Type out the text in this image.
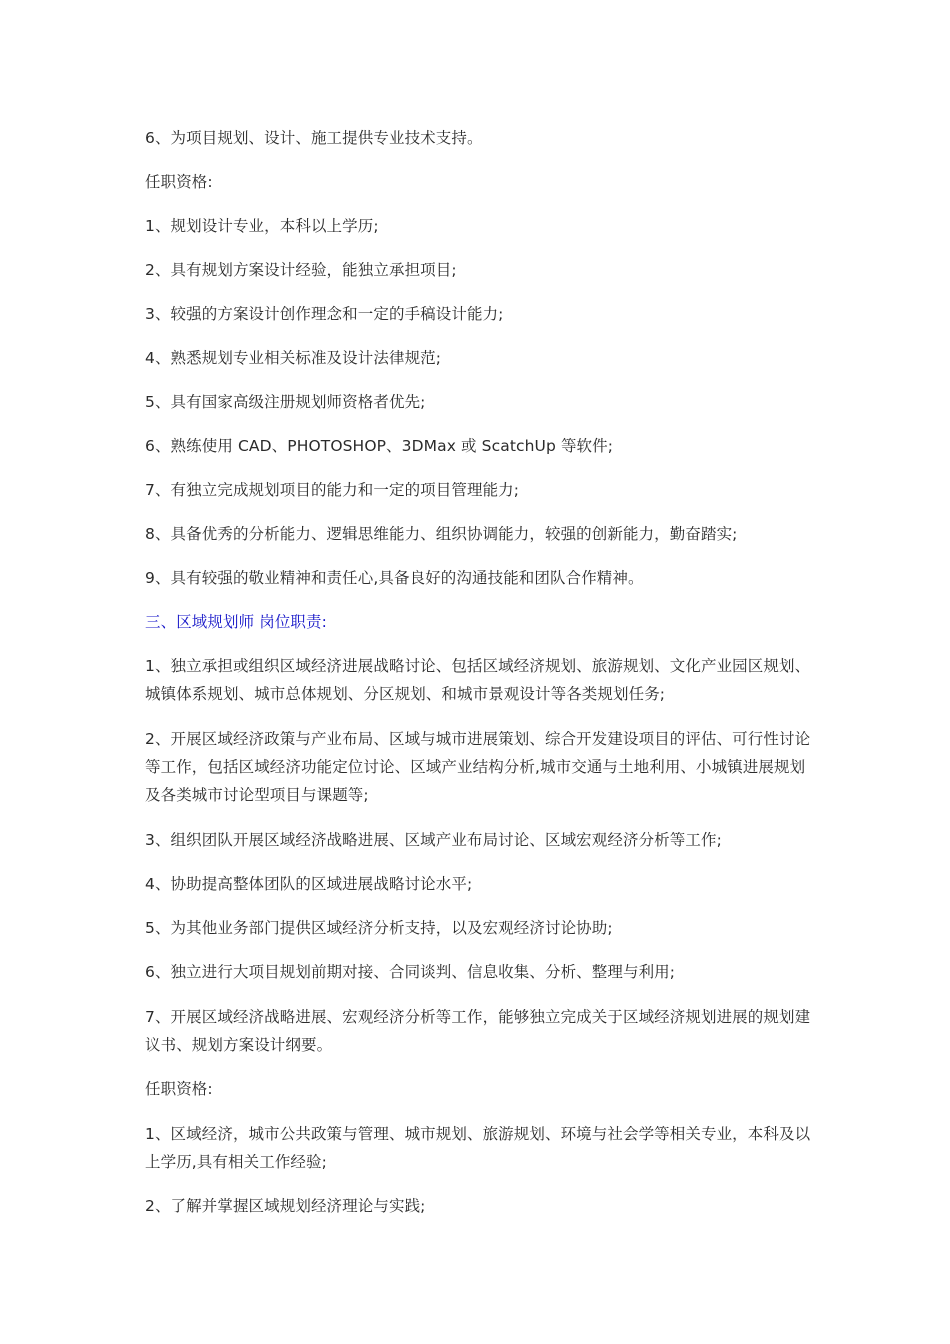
6、为项目规划、设计、施工提供专业技术支持。

任职资格:

1、规划设计专业，本科以上学历;

2、具有规划方案设计经验，能独立承担项目;

3、较强的方案设计创作理念和一定的手稿设计能力;

4、熟悉规划专业相关标准及设计法律规范;

5、具有国家高级注册规划师资格者优先;

6、熟练使用 CAD、PHOTOSHOP、3DMax 或 ScatchUp 等软件;

7、有独立完成规划项目的能力和一定的项目管理能力;

8、具备优秀的分析能力、逻辑思维能力、组织协调能力，较强的创新能力，勤奋踏实;

9、具有较强的敬业精神和责任心,具备良好的沟通技能和团队合作精神。

三、区域规划师 岗位职责:

1、独立承担或组织区域经济进展战略讨论、包括区域经济规划、旅游规划、文化产业园区规划、城镇体系规划、城市总体规划、分区规划、和城市景观设计等各类规划任务;

2、开展区域经济政策与产业布局、区域与城市进展策划、综合开发建设项目的评估、可行性讨论等工作，包括区域经济功能定位讨论、区域产业结构分析,城市交通与土地利用、小城镇进展规划及各类城市讨论型项目与课题等;

3、组织团队开展区域经济战略进展、区域产业布局讨论、区域宏观经济分析等工作;

4、协助提高整体团队的区域进展战略讨论水平;

5、为其他业务部门提供区域经济分析支持，以及宏观经济讨论协助;

6、独立进行大项目规划前期对接、合同谈判、信息收集、分析、整理与利用;

7、开展区域经济战略进展、宏观经济分析等工作，能够独立完成关于区域经济规划进展的规划建议书、规划方案设计纲要。

任职资格:

1、区域经济，城市公共政策与管理、城市规划、旅游规划、环境与社会学等相关专业，本科及以上学历,具有相关工作经验;

2、了解并掌握区域规划经济理论与实践;
